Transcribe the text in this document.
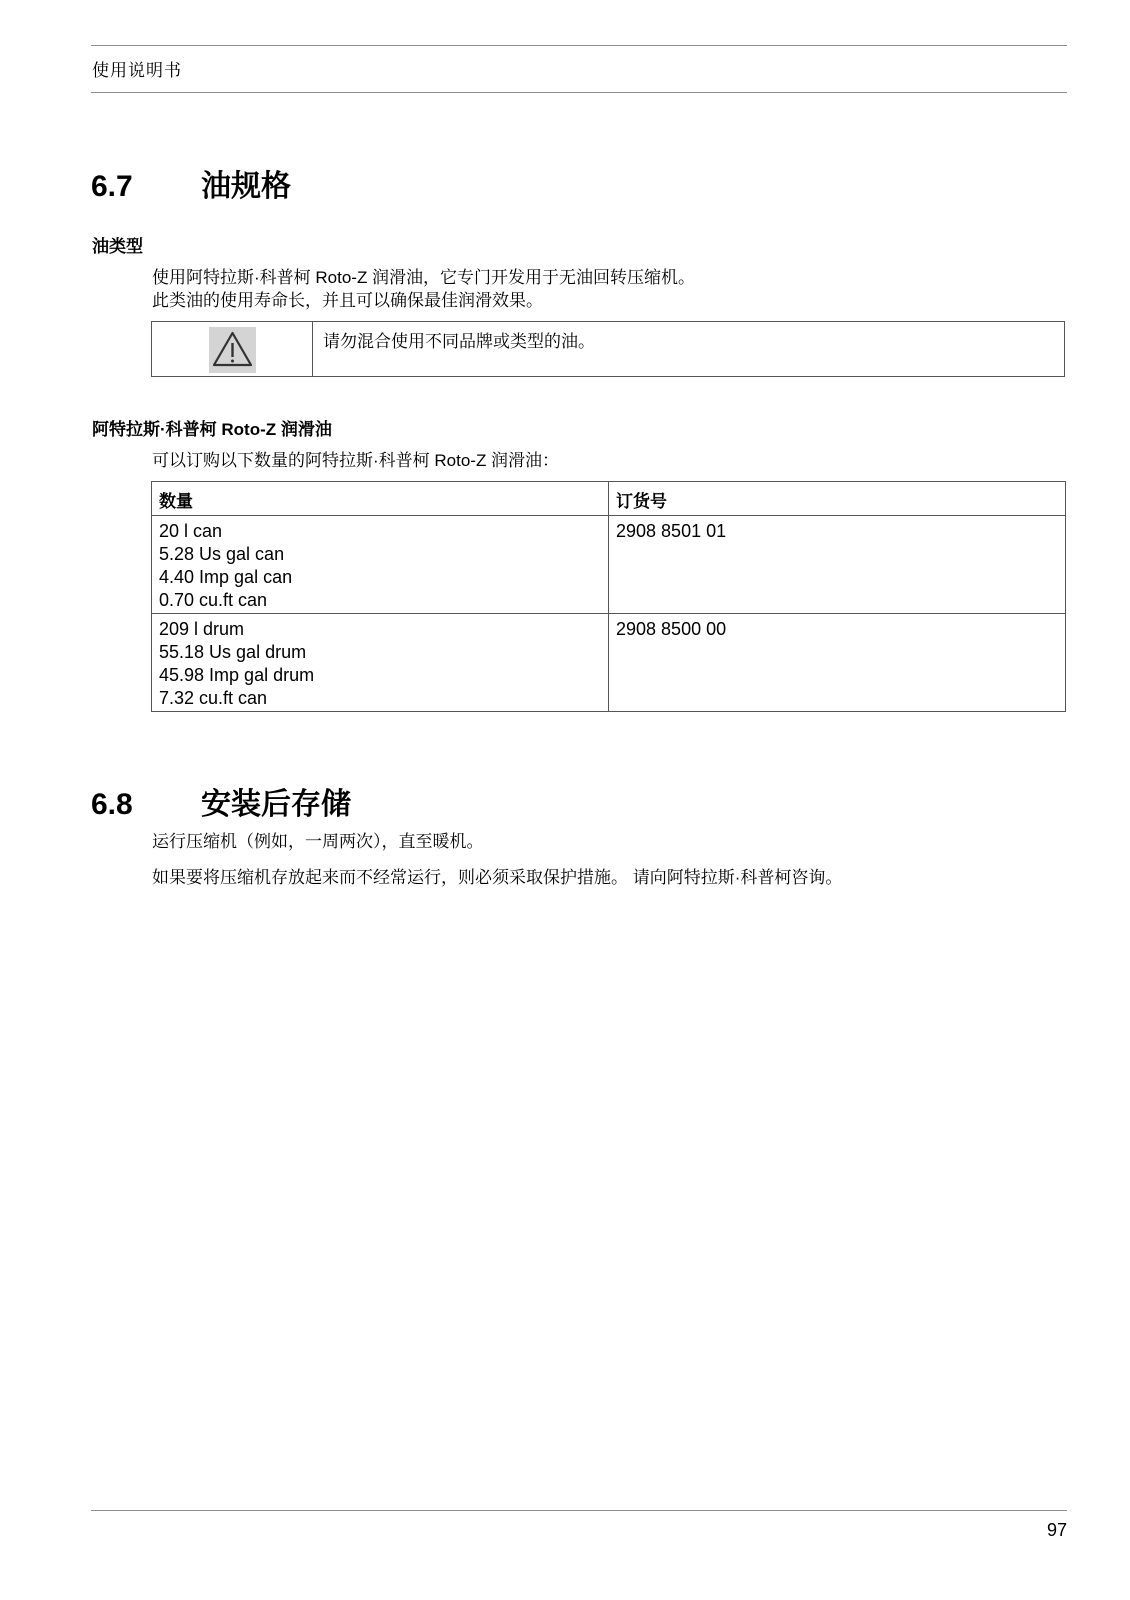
使用说明书
6.7 油规格
油类型
使用阿特拉斯·科普柯 Roto-Z 润滑油，它专门开发用于无油回转压缩机。
此类油的使用寿命长，并且可以确保最佳润滑效果。
请勿混合使用不同品牌或类型的油。
阿特拉斯·科普柯 Roto-Z 润滑油
可以订购以下数量的阿特拉斯·科普柯 Roto-Z 润滑油：
数量	订货号

20 l can
5.28 Us gal can
4.40 Imp gal can
0.70 cu.ft can	2908 8501 01

209 l drum
55.18 Us gal drum
45.98 Imp gal drum
7.32 cu.ft can	2908 8500 00
6.8 安装后存储
运行压缩机（例如，一周两次），直至暖机。
如果要将压缩机存放起来而不经常运行，则必须采取保护措施。 请向阿特拉斯·科普柯咨询。
97
